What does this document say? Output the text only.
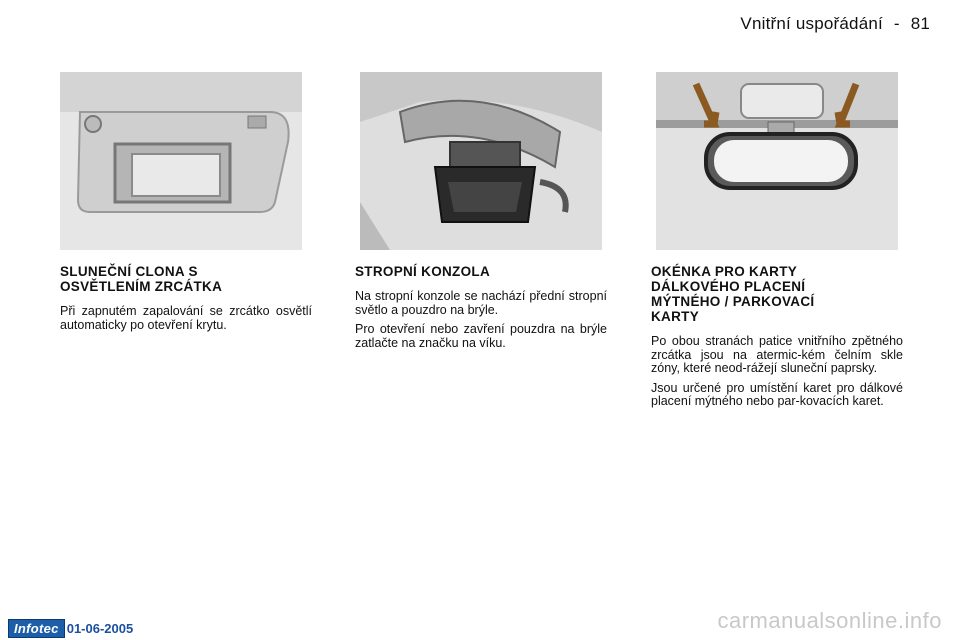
Vnitřní uspořádání - 81
SLUNEČNÍ CLONA S
OSVĚTLENÍM ZRCÁTKA

Při zapnutém zapalování se zrcátko osvětlí automaticky po otevření krytu.

STROPNÍ KONZOLA

Na stropní konzole se nachází přední stropní světlo a pouzdro na brýle.

Pro otevření nebo zavření pouzdra na brýle zatlačte na značku na víku.

OKÉNKA PRO KARTY
DÁLKOVÉHO PLACENÍ
MÝTNÉHO / PARKOVACÍ
KARTY

Po obou stranách patice vnitřního zpětného zrcátka jsou na atermic-kém čelním skle zóny, které neod-rážejí sluneční paprsky.

Jsou určené pro umístění karet pro dálkové placení mýtného nebo par-kovacích karet.

Infotec 01-06-2005	carmanualsonline.info
